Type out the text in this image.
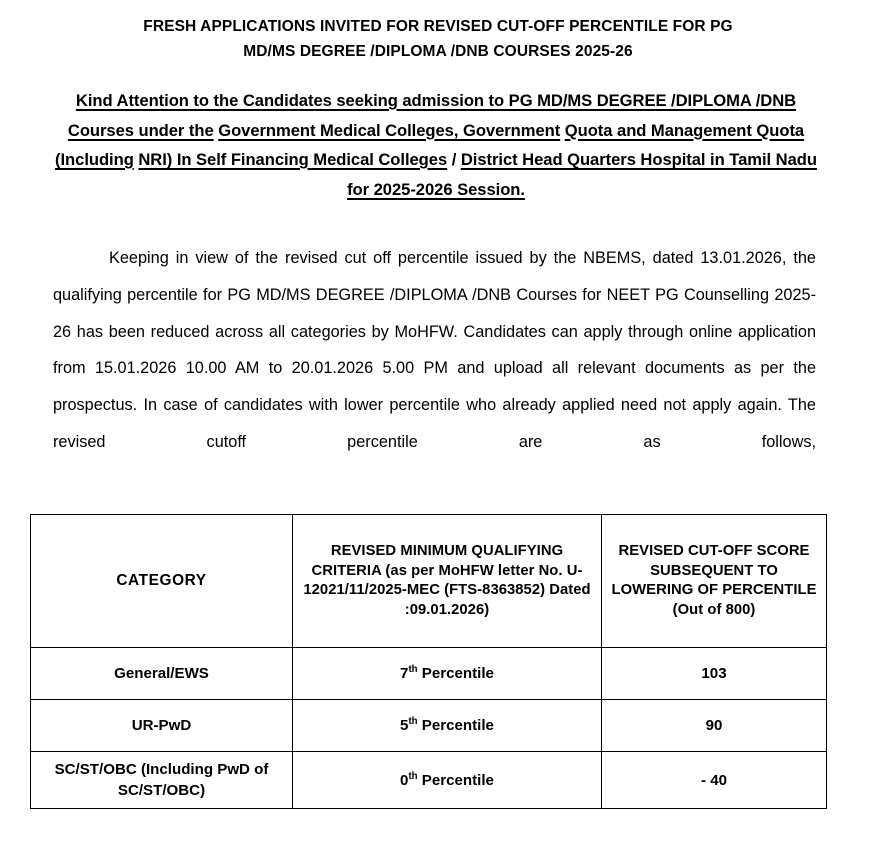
FRESH APPLICATIONS INVITED FOR REVISED CUT-OFF PERCENTILE FOR PG
MD/MS DEGREE /DIPLOMA /DNB COURSES 2025-26
Kind Attention to the Candidates seeking admission to PG MD/MS DEGREE /DIPLOMA /DNB Courses under the Government Medical Colleges, Government Quota and Management Quota (Including NRI) In Self Financing Medical Colleges / District Head Quarters Hospital in Tamil Nadu for 2025-2026 Session.
Keeping in view of the revised cut off percentile issued by the NBEMS, dated 13.01.2026, the qualifying percentile for PG MD/MS DEGREE /DIPLOMA /DNB Courses for NEET PG Counselling 2025-26 has been reduced across all categories by MoHFW. Candidates can apply through online application from 15.01.2026 10.00 AM to 20.01.2026 5.00 PM and upload all relevant documents as per the prospectus. In case of candidates with lower percentile who already applied need not apply again. The revised cutoff percentile are as follows,
CATEGORY	REVISED MINIMUM QUALIFYING CRITERIA (as per MoHFW letter No. U-12021/11/2025-MEC (FTS-8363852) Dated :09.01.2026)	REVISED CUT-OFF SCORE SUBSEQUENT TO LOWERING OF PERCENTILE (Out of 800)
General/EWS	7th Percentile	103
UR-PwD	5th Percentile	90
SC/ST/OBC (Including PwD of SC/ST/OBC)	0th Percentile	- 40
